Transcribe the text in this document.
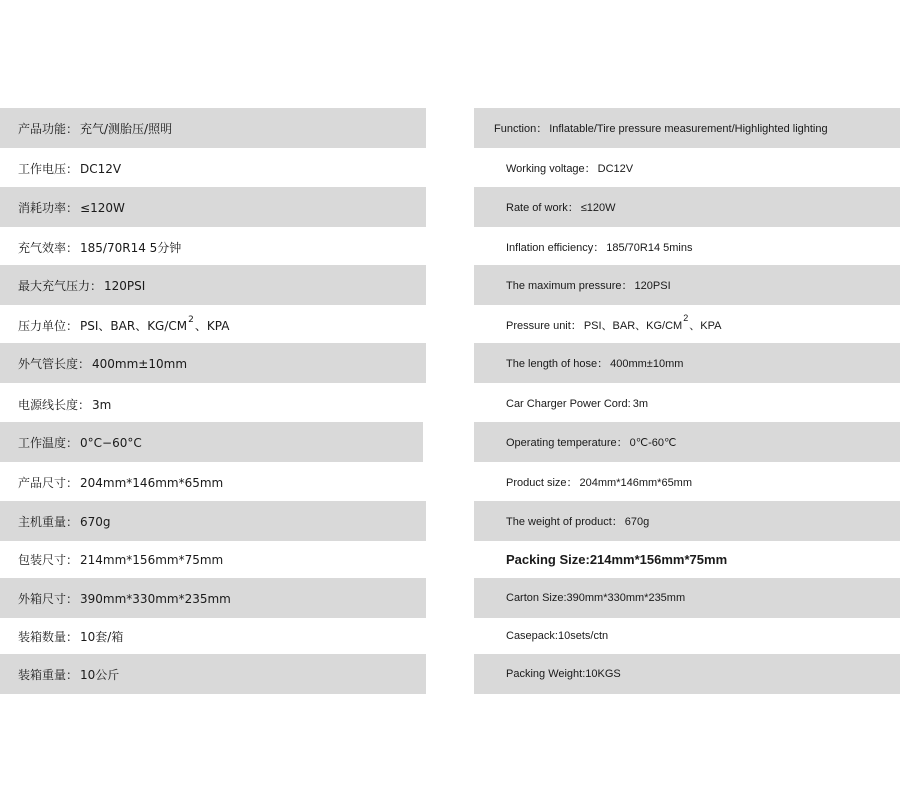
产品功能： 充气/测胎压/照明
工作电压： DC12V
消耗功率： ≤120W
充气效率： 185/70R14 5分钟
最大充气压力： 120PSI
压力单位： PSI、BAR、$KG/CM^2$、KPA
外气管长度： 400mm±10mm
电源线长度： 3m
工作温度： 0°C−60°C
产品尺寸： 204mm*146mm*65mm
主机重量： 670g
包装尺寸： 214mm*156mm*75mm
外箱尺寸： 390mm*330mm*235mm
装箱数量： 10套/箱
装箱重量： 10公斤
Function： Inflatable/Tire pressure measurement/Highlighted lighting
Working voltage： DC12V
Rate of work： ≤120W
Inflation efficiency： 185/70R14 5mins
The maximum pressure： 120PSI
Pressure unit： PSI、BAR、$KG/CM^2$、KPA
The length of hose： 400mm±10mm
Car Charger Power Cord: 3m
Operating temperature： 0℃-60℃
Product size： 204mm*146mm*65mm
The weight of product： 670g
Packing Size:214mm*156mm*75mm
Carton Size:390mm*330mm*235mm
Casepack:10sets/ctn
Packing Weight:10KGS
